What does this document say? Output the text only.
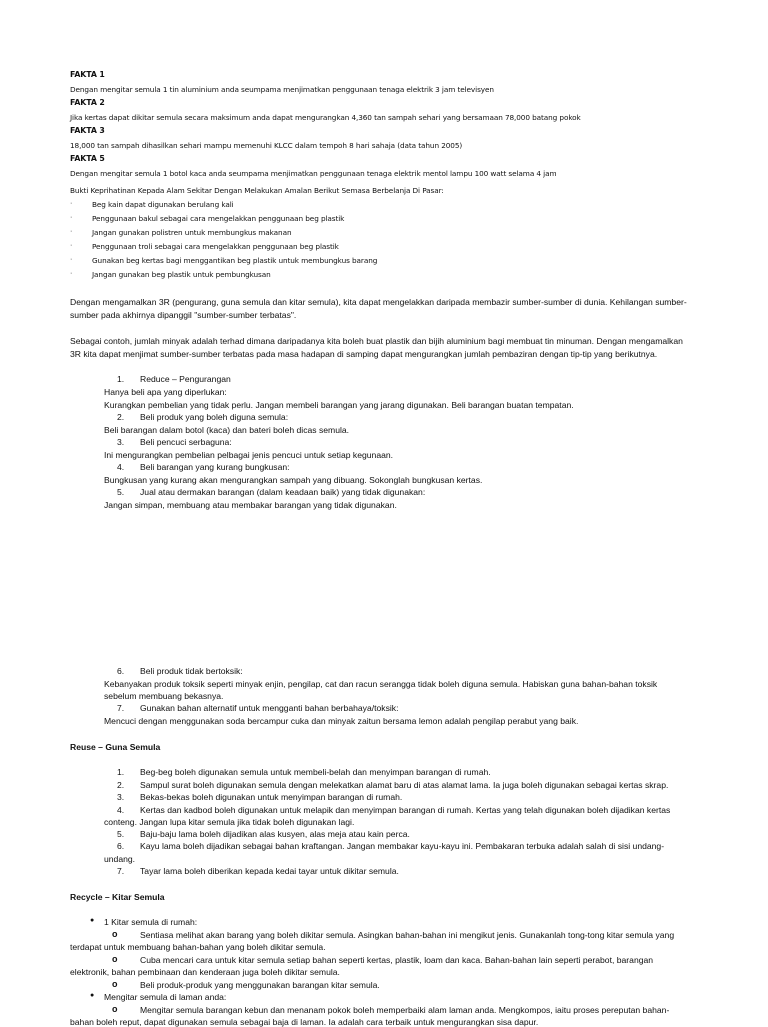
FAKTA 1
Dengan mengitar semula 1 tin aluminium anda seumpama menjimatkan penggunaan tenaga elektrik 3 jam televisyen
FAKTA 2
Jika kertas dapat dikitar semula secara maksimum anda dapat mengurangkan 4,360 tan sampah sehari yang bersamaan 78,000 batang pokok
FAKTA 3
18,000 tan sampah dihasilkan sehari mampu memenuhi KLCC dalam tempoh 8 hari sahaja (data tahun 2005)
FAKTA 5
Dengan mengitar semula 1 botol kaca anda seumpama menjimatkan penggunaan tenaga elektrik mentol lampu 100 watt selama 4 jam
Bukti Keprihatinan Kepada Alam Sekitar Dengan Melakukan Amalan Berikut Semasa Berbelanja Di Pasar:
·	Beg kain dapat digunakan berulang kali
·	Penggunaan bakul sebagai cara mengelakkan penggunaan beg plastik
·	Jangan gunakan polistren untuk membungkus makanan
·	Penggunaan troli sebagai cara mengelakkan penggunaan beg plastik
·	Gunakan beg kertas bagi menggantikan beg plastik untuk membungkus barang
·	Jangan gunakan beg plastik untuk pembungkusan
Dengan mengamalkan 3R (pengurang, guna semula dan kitar semula), kita dapat mengelakkan daripada membazir sumber-sumber di dunia. Kehilangan sumber-
sumber pada akhirnya dipanggil "sumber-sumber terbatas".
Sebagai contoh, jumlah minyak adalah terhad dimana daripadanya kita boleh buat plastik dan bijih aluminium bagi membuat tin minuman. Dengan mengamalkan
3R kita dapat menjimat sumber-sumber terbatas pada masa hadapan di samping dapat mengurangkan jumlah pembaziran dengan tip-tip yang berikutnya.
1. Reduce – Pengurangan
Hanya beli apa yang diperlukan:
Kurangkan pembelian yang tidak perlu. Jangan membeli barangan yang jarang digunakan. Beli barangan buatan tempatan.
2. Beli produk yang boleh diguna semula:
Beli barangan dalam botol (kaca) dan bateri boleh dicas semula.
3. Beli pencuci serbaguna:
Ini mengurangkan pembelian pelbagai jenis pencuci untuk setiap kegunaan.
4. Beli barangan yang kurang bungkusan:
Bungkusan yang kurang akan mengurangkan sampah yang dibuang. Sokonglah bungkusan kertas.
5. Jual atau dermakan barangan (dalam keadaan baik) yang tidak digunakan:
Jangan simpan, membuang atau membakar barangan yang tidak digunakan.
6. Beli produk tidak bertoksik:
Kebanyakan produk toksik seperti minyak enjin, pengilap, cat dan racun serangga tidak boleh diguna semula. Habiskan guna bahan-bahan toksik
sebelum membuang bekasnya.
7. Gunakan bahan alternatif untuk mengganti bahan berbahaya/toksik:
Mencuci dengan menggunakan soda bercampur cuka dan minyak zaitun bersama lemon adalah pengilap perabut yang baik.
Reuse – Guna Semula
1. Beg-beg boleh digunakan semula untuk membeli-belah dan menyimpan barangan di rumah.
2. Sampul surat boleh digunakan semula dengan melekatkan alamat baru di atas alamat lama. Ia juga boleh digunakan sebagai kertas skrap.
3. Bekas-bekas boleh digunakan untuk menyimpan barangan di rumah.
4. Kertas dan kadbod boleh digunakan untuk melapik dan menyimpan barangan di rumah. Kertas yang telah digunakan boleh dijadikan kertas
conteng. Jangan lupa kitar semula jika tidak boleh digunakan lagi.
5. Baju-baju lama boleh dijadikan alas kusyen, alas meja atau kain perca.
6. Kayu lama boleh dijadikan sebagai bahan kraftangan. Jangan membakar kayu-kayu ini. Pembakaran terbuka adalah salah di sisi undang-
undang.
7. Tayar lama boleh diberikan kepada kedai tayar untuk dikitar semula.
Recycle – Kitar Semula
● 1 Kitar semula di rumah:
o	Sentiasa melihat akan barang yang boleh dikitar semula. Asingkan bahan-bahan ini mengikut jenis. Gunakanlah tong-tong kitar semula yang
terdapat untuk membuang bahan-bahan yang boleh dikitar semula.
o	Cuba mencari cara untuk kitar semula setiap bahan seperti kertas, plastik, loam dan kaca. Bahan-bahan lain seperti perabot, barangan
elektronik, bahan pembinaan dan kenderaan juga boleh dikitar semula.
o	Beli produk-produk yang menggunakan barangan kitar semula.
● Mengitar semula di laman anda:
o	Mengitar semula barangan kebun dan menanam pokok boleh memperbaiki alam laman anda. Mengkompos, iaitu proses pereputan bahan-
bahan boleh reput, dapat digunakan semula sebagai baja di laman. Ia adalah cara terbaik untuk mengurangkan sisa dapur.
